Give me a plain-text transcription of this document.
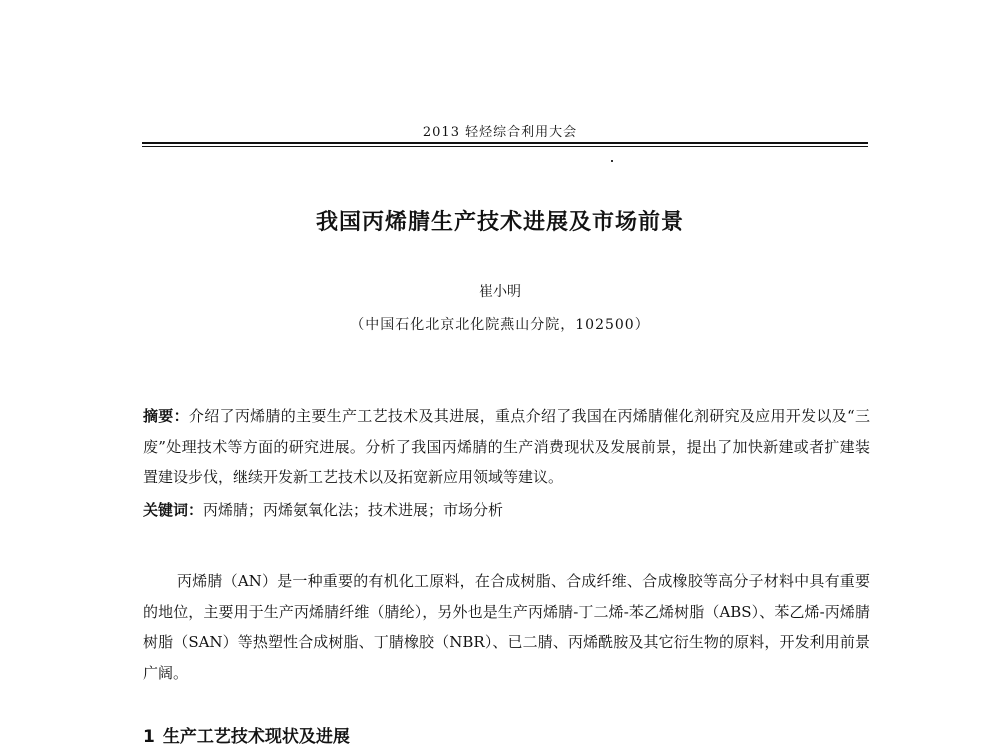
2013 轻烃综合利用大会
我国丙烯腈生产技术进展及市场前景
崔小明
（中国石化北京北化院燕山分院，102500）
摘要：介绍了丙烯腈的主要生产工艺技术及其进展，重点介绍了我国在丙烯腈催化剂研究及应用开发以及“三废”处理技术等方面的研究进展。分析了我国丙烯腈的生产消费现状及发展前景，提出了加快新建或者扩建装置建设步伐，继续开发新工艺技术以及拓宽新应用领域等建议。
关键词：丙烯腈；丙烯氨氧化法；技术进展；市场分析
丙烯腈（AN）是一种重要的有机化工原料，在合成树脂、合成纤维、合成橡胶等高分子材料中具有重要的地位，主要用于生产丙烯腈纤维（腈纶），另外也是生产丙烯腈-丁二烯-苯乙烯树脂（ABS）、苯乙烯-丙烯腈树脂（SAN）等热塑性合成树脂、丁腈橡胶（NBR）、已二腈、丙烯酰胺及其它衍生物的原料，开发利用前景广阔。
1 生产工艺技术现状及进展
